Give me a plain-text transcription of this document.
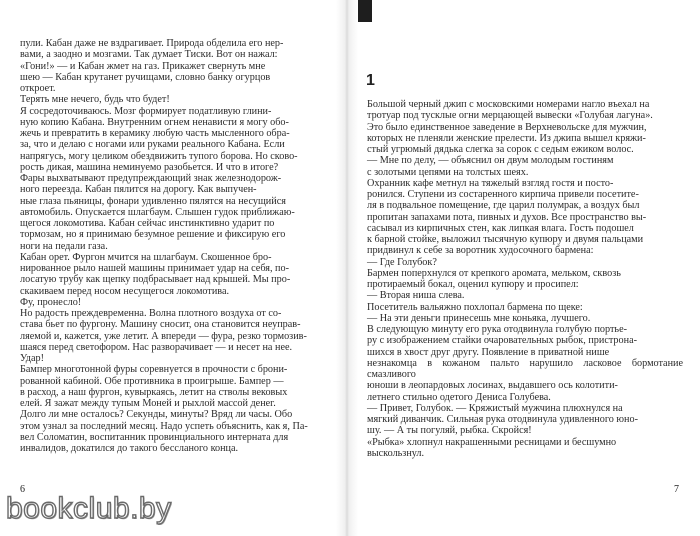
пули. Кабан даже не вздрагивает. Природа обделила его нер-

вами, а заодно и мозгами. Так думает Тиски. Вот он нажал:

«Гони!» — и Кабан жмет на газ. Прикажет свернуть мне

шею — Кабан крутанет ручищами, словно банку огурцов

откроет.

Терять мне нечего, будь что будет!

Я сосредоточиваюсь. Мозг формирует податливую глини-

ную копию Кабана. Внутренним огнем ненависти я могу обо-

жечь и превратить в керамику любую часть мысленного обра-

за, что и делаю с ногами или руками реального Кабана. Если

напрягусь, могу целиком обездвижить тупого борова. Но сково-

рость дикая, машина неминуемо разобьется. И что в итоге?

Фары выхватывают предупреждающий знак железнодорож-

ного переезда. Кабан пялится на дорогу. Как выпучен-

ные глаза пьяницы, фонари удивленно пялятся на несущийся

автомобиль. Опускается шлагбаум. Слышен гудок приближаю-

щегося локомотива. Кабан сейчас инстинктивно ударит по

тормозам, но я принимаю безумное решение и фиксирую его

ноги на педали газа.

Кабан орет. Фургон мчится на шлагбаум. Скошенное бро-

нированное рыло нашей машины принимает удар на себя, по-

лосатую трубу как щепку подбрасывает над крышей. Мы про-

скакиваем перед носом несущегося локомотива.

Фу, пронесло!

Но радость преждевременна. Волна плотного воздуха от со-

става бьет по фургону. Машину сносит, она становится неуправ-

ляемой и, кажется, уже летит. А впереди — фура, резко тормозив-

шаяся перед светофором. Нас разворачивает — и несет на нее.

Удар!

Бампер многотонной фуры соревнуется в прочности с брони-

рованной кабиной. Обе противника в проигрыше. Бампер —

в расход, а наш фургон, кувыркаясь, летит на стволы вековых

елей. Я зажат между тупым Моней и рыхлой массой денег.

Долго ли мне осталось? Секунды, минуты? Вряд ли часы. Обо

этом узнал за последний месяц. Надо успеть объяснить, как я, Па-

вел Соломатин, воспитанник провинциального интерната для

инвалидов, докатился до такого бессланого конца.

1

Большой черный джип с московскими номерами нагло въехал на

тротуар под тусклые огни мерцающей вывески «Голубая лагуна».

Это было единственное заведение в Верхневольске для мужчин,

которых не пленяли женские прелести. Из джипа вышел кряжи-

стый угрюмый дядька слегка за сорок с седым ежиком волос.

— Мне по делу, — объяснил он двум молодым гостиням

с золотыми цепями на толстых шеях.

Охранник кафе метнул на тяжелый взгляд гостя и посто-

ронился. Ступени из состаренного кирпича привели посетите-

ля в подвальное помещение, где царил полумрак, а воздух был

пропитан запахами пота, пивных и духов. Все пространство вы-

сасывал из кирпичных стен, как липкая влага. Гость подошел

к барной стойке, выложил тысячную купюру и двумя пальцами

придвинул к себе за воротник худосочного бармена:

— Где Голубок?

Бармен поперхнулся от крепкого аромата, мельком, сквозь

протираемый бокал, оценил купюру и просипел:

— Вторая ниша слева.

Посетитель вальяжно похлопал бармена по щеке:

— На эти деньги принесешь мне коньяка, лучшего.

В следующую минуту его рука отодвинула голубую портье-

ру с изображением стайки очаровательных рыбок, пристрона-

шихся в хвост друг другу. Появление в приватной нише

незнакомца в кожаном пальто нарушило ласковое бормотание смазливого

юноши в леопардовых лосинах, выдавшего ось колотити-

летнего стильно одетого Дениса Голубева.

— Привет, Голубок. — Кряжистый мужчина плюхнулся на

мягкий диванчик. Сильная рука отодвинула удивленного юно-

шу. — А ты погуляй, рыбка. Скройся!

«Рыбка» хлопнул накрашенными ресницами и бесшумно

выскользнул.

6	7
bookclub.by
